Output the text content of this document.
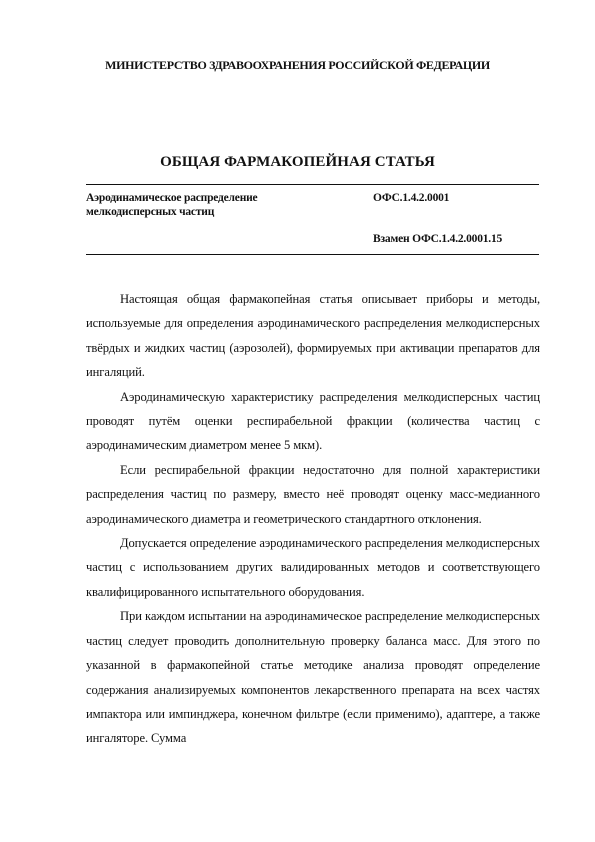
МИНИСТЕРСТВО ЗДРАВООХРАНЕНИЯ РОССИЙСКОЙ ФЕДЕРАЦИИ
ОБЩАЯ ФАРМАКОПЕЙНАЯ СТАТЬЯ
Аэродинамическое распределение
мелкодисперсных частиц
ОФС.1.4.2.0001
Взамен ОФС.1.4.2.0001.15

Настоящая общая фармакопейная статья описывает приборы и методы, используемые для определения аэродинамического распределения мелкодисперсных твёрдых и жидких частиц (аэрозолей), формируемых при активации препаратов для ингаляций.

Аэродинамическую характеристику распределения мелкодисперсных частиц проводят путём оценки респирабельной фракции (количества частиц с аэродинамическим диаметром менее 5 мкм).

Если респирабельной фракции недостаточно для полной характеристики распределения частиц по размеру, вместо неё проводят оценку масс-медианного аэродинамического диаметра и геометрического стандартного отклонения.

Допускается определение аэродинамического распределения мелкодисперсных частиц с использованием других валидированных методов и соответствующего квалифицированного испытательного оборудования.

При каждом испытании на аэродинамическое распределение мелкодисперсных частиц следует проводить дополнительную проверку баланса масс. Для этого по указанной в фармакопейной статье методике анализа проводят определение содержания анализируемых компонентов лекарственного препарата на всех частях импактора или импинджера, конечном фильтре (если применимо), адаптере, а также ингаляторе. Сумма
